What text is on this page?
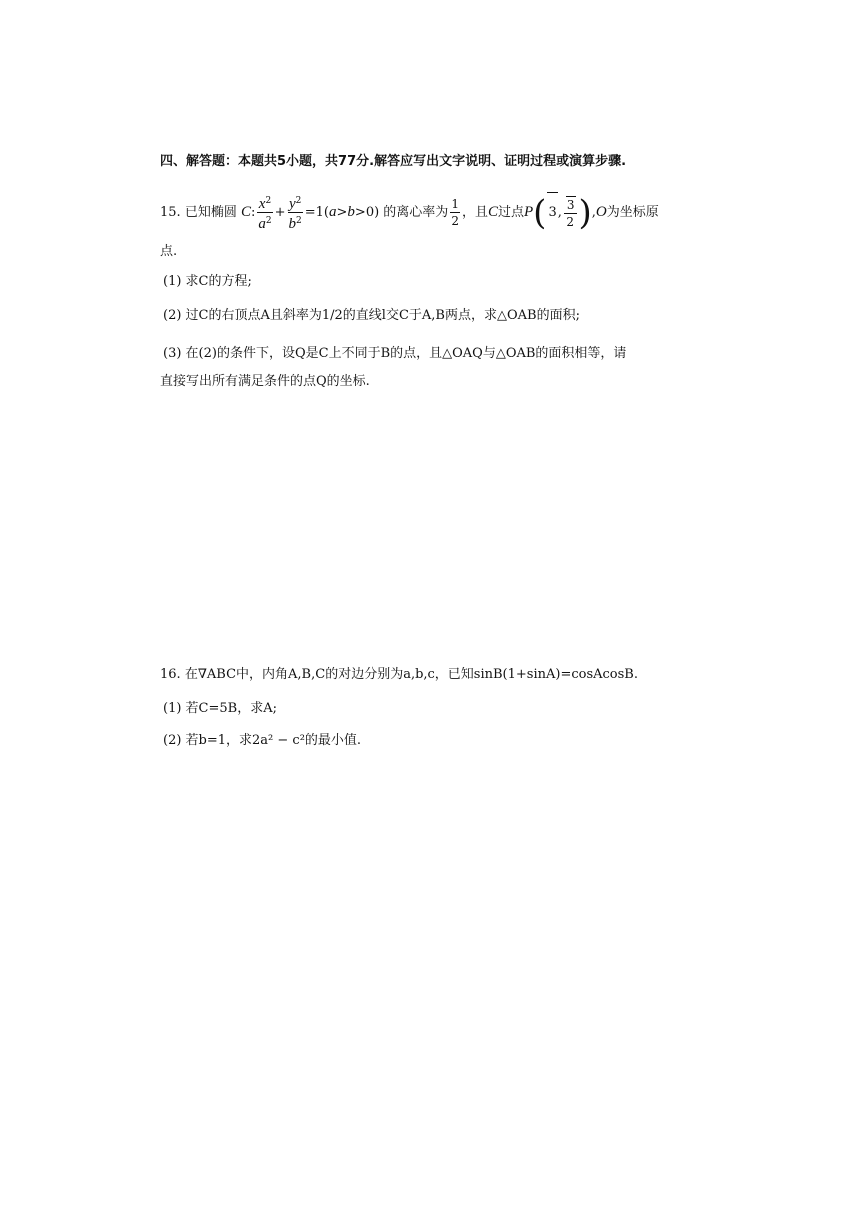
四、解答题：本题共5小题，共77分.解答应写出文字说明、证明过程或演算步骤.
15. 已知椭圆 C: $\frac{x^2}{a^2} + \frac{y^2}{b^2} =1(a>b>0)$ 的离心率为 $\frac{1}{2}$ ，且C过点P( 3, $\frac{3}{2} ),O$为坐标原
点.
(1) 求C的方程;
(2) 过C的右顶点A且斜率为1/2的直线l交C于A,B两点，求△OAB的面积;
(3) 在(2)的条件下，设Q是C上不同于B的点，且△OAQ与△OAB的面积相等，请
直接写出所有满足条件的点Q的坐标.
16. 在∇ABC中，内角A,B,C的对边分别为a,b,c，已知sinB(1+sinA)=cosAcosB.
(1) 若C=5B，求A;
(2) 若b=1，求2a² − c²的最小值.
